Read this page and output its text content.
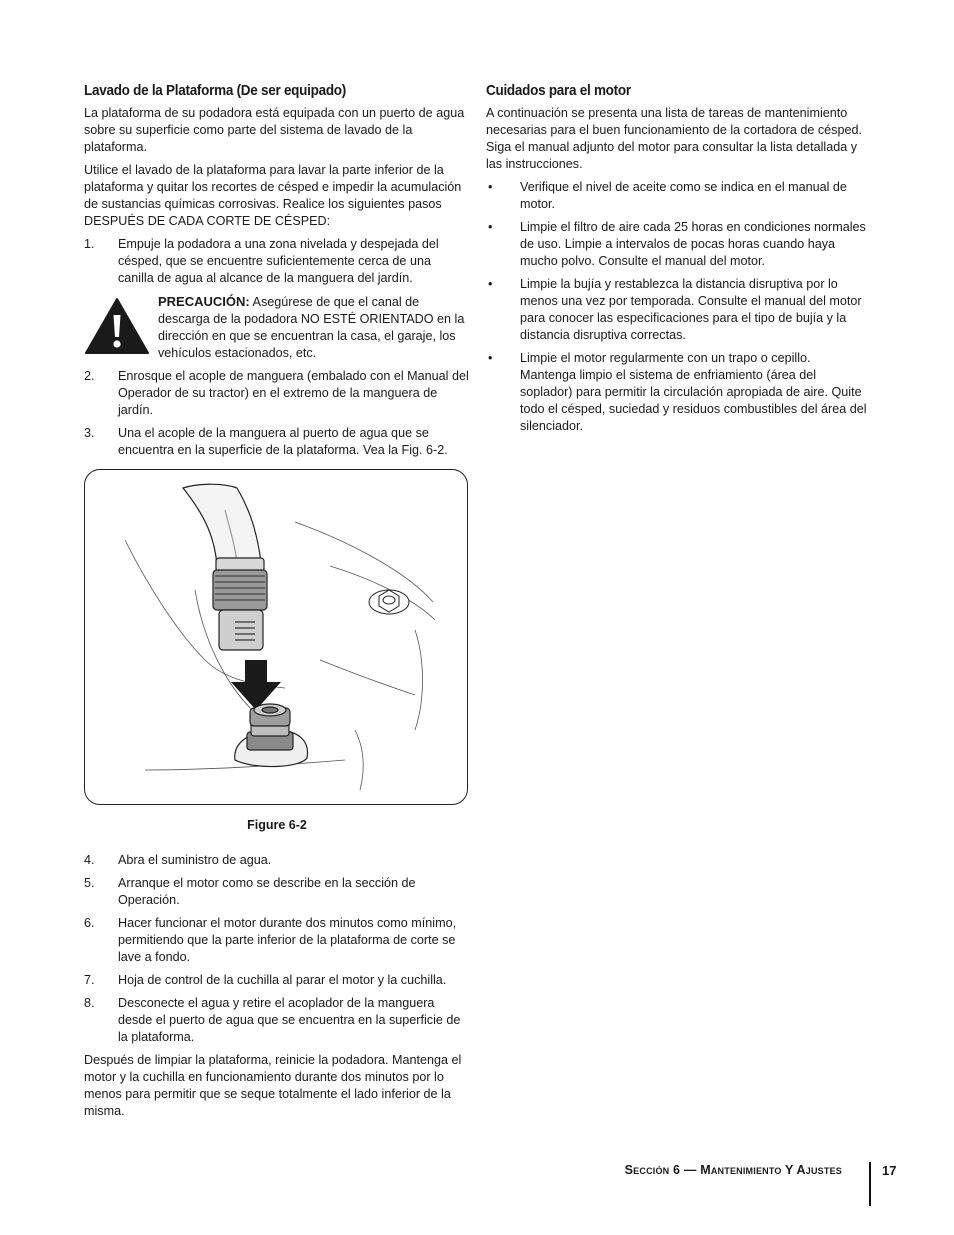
Lavado de la Plataforma (De ser equipado)

La plataforma de su podadora está equipada con un puerto de agua sobre su superficie como parte del sistema de lavado de la plataforma.

Utilice el lavado de la plataforma para lavar la parte inferior de la plataforma y quitar los recortes de césped e impedir la acumulación de sustancias químicas corrosivas. Realice los siguientes pasos DESPUÉS DE CADA CORTE DE CÉSPED:

1. Empuje la podadora a una zona nivelada y despejada del césped, que se encuentre suficientemente cerca de una canilla de agua al alcance de la manguera del jardín.
PRECAUCIÓN: Asegúrese de que el canal de descarga de la podadora NO ESTÉ ORIENTADO en la dirección en que se encuentran la casa, el garaje, los vehículos estacionados, etc.
2. Enrosque el acople de manguera (embalado con el Manual del Operador de su tractor) en el extremo de la manguera de jardín.
3. Una el acople de la manguera al puerto de agua que se encuentra en la superficie de la plataforma. Vea la Fig. 6-2.
Figure 6-2
4. Abra el suministro de agua.
5. Arranque el motor como se describe en la sección de Operación.
6. Hacer funcionar el motor durante dos minutos como mínimo, permitiendo que la parte inferior de la plataforma de corte se lave a fondo.
7. Hoja de control de la cuchilla al parar el motor y la cuchilla.
8. Desconecte el agua y retire el acoplador de la manguera desde el puerto de agua que se encuentra en la superficie de la plataforma.

Después de limpiar la plataforma, reinicie la podadora. Mantenga el motor y la cuchilla en funcionamiento durante dos minutos por lo menos para permitir que se seque totalmente el lado inferior de la misma.

Cuidados para el motor

A continuación se presenta una lista de tareas de mantenimiento necesarias para el buen funcionamiento de la cortadora de césped. Siga el manual adjunto del motor para consultar la lista detallada y las instrucciones.

• Verifique el nivel de aceite como se indica en el manual de motor.
• Limpie el filtro de aire cada 25 horas en condiciones normales de uso. Limpie a intervalos de pocas horas cuando haya mucho polvo. Consulte el manual del motor.
• Limpie la bujía y restablezca la distancia disruptiva por lo menos una vez por temporada. Consulte el manual del motor para conocer las especificaciones para el tipo de bujía y la distancia disruptiva correctas.
• Limpie el motor regularmente con un trapo o cepillo. Mantenga limpio el sistema de enfriamiento (área del soplador) para permitir la circulación apropiada de aire. Quite todo el césped, suciedad y residuos combustibles del área del silenciador.
Sección 6 — Mantenimiento Y Ajustes	17
